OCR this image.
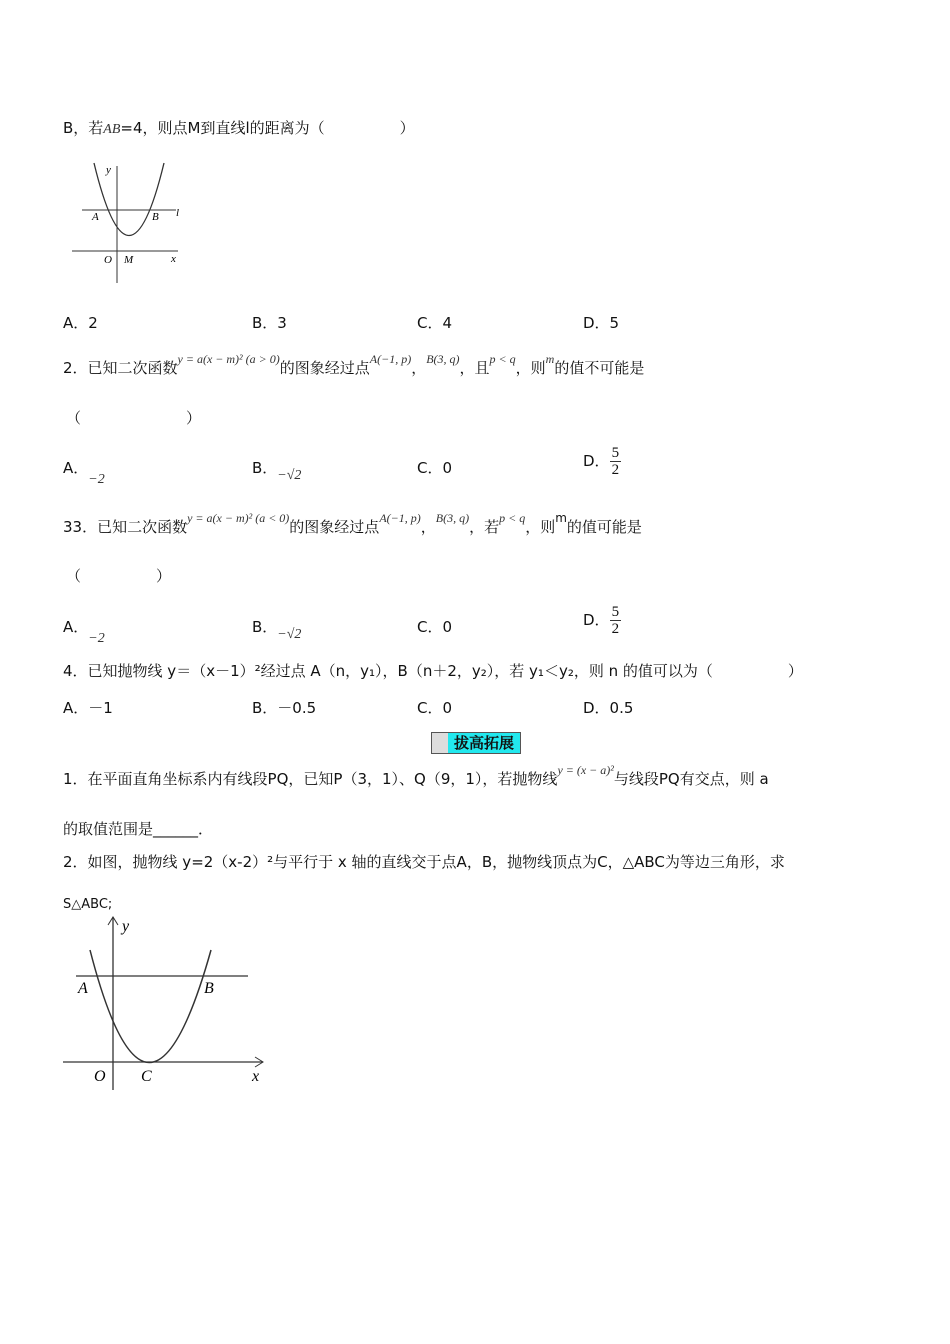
B，若AB=4，则点M到直线l的距离为（　　　　　）
y
x
A	B l
O M
A．2	B．3	C．4	D．5
2．已知二次函数$^{y = a(x - m)^2 (a > 0)}$的图象经过点$^{A(-1, p)}$，$^{B(3, q)}$，且$^{p < q}$，则$^m$的值不可能是
（　　　　　　　）
A．−2
B．−√2	C．0	D． $\frac{5}{2}$
33．已知二次函数$^{y = a(x - m)^2 (a < 0)}$的图象经过点$^{A(-1, p)}$，$^{B(3, q)}$，若$^{p < q}$，则$^m$的值可能是
（　　　　　）
A．−2
B．−√2	C．0	D． $\frac{5}{2}$
4．已知抛物线 y＝（x－1）²经过点 A（n，y₁），B（n＋2，y₂），若 y₁＜y₂，则 n 的值可以为（　　　　　）
A．－1	B．－0.5	C．0	D．0.5
拔高拓展
1．在平面直角坐标系内有线段PQ，已知P（3，1）、Q（9，1），若抛物线$^{y = (x - a)^2}$与线段PQ有交点，则 a
的取值范围是______．
2．如图，抛物线 y=2（x-2）²与平行于 x 轴的直线交于点A，B，抛物线顶点为C，△ABC为等边三角形，求
S△ABC;
y
x
A	B
O C
